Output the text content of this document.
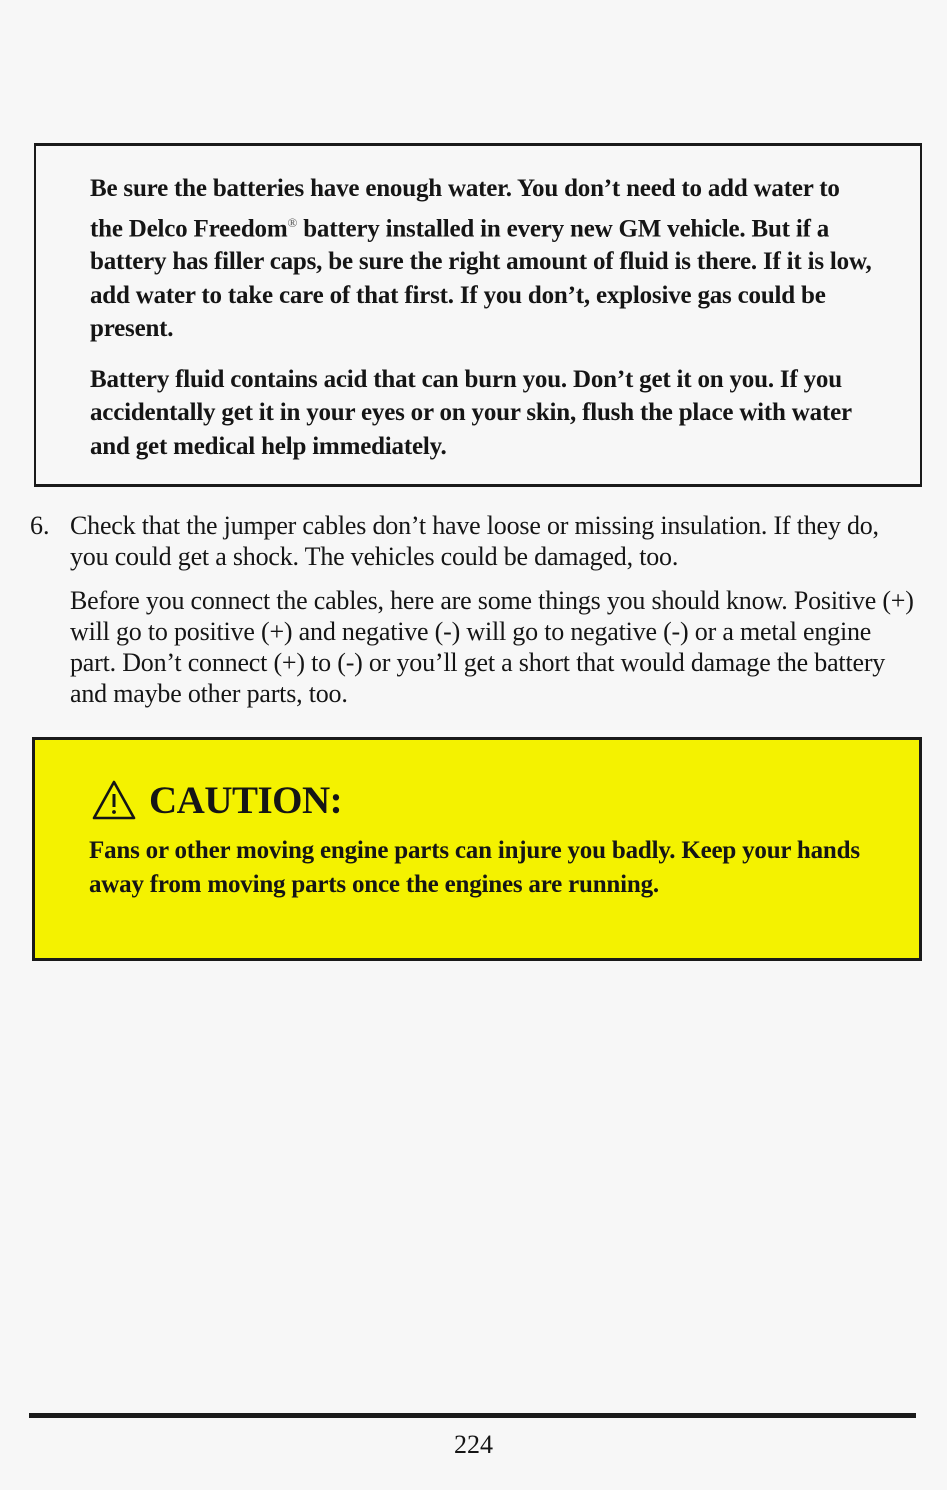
Be sure the batteries have enough water. You don’t need to add water to the Delco Freedom® battery installed in every new GM vehicle. But if a battery has filler caps, be sure the right amount of fluid is there. If it is low, add water to take care of that first. If you don’t, explosive gas could be present.

Battery fluid contains acid that can burn you. Don’t get it on you. If you accidentally get it in your eyes or on your skin, flush the place with water and get medical help immediately.

6. Check that the jumper cables don’t have loose or missing insulation. If they do, you could get a shock. The vehicles could be damaged, too.

Before you connect the cables, here are some things you should know. Positive (+) will go to positive (+) and negative (-) will go to negative (-) or a metal engine part. Don’t connect (+) to (-) or you’ll get a short that would damage the battery and maybe other parts, too.

CAUTION:

Fans or other moving engine parts can injure you badly. Keep your hands away from moving parts once the engines are running.

224
